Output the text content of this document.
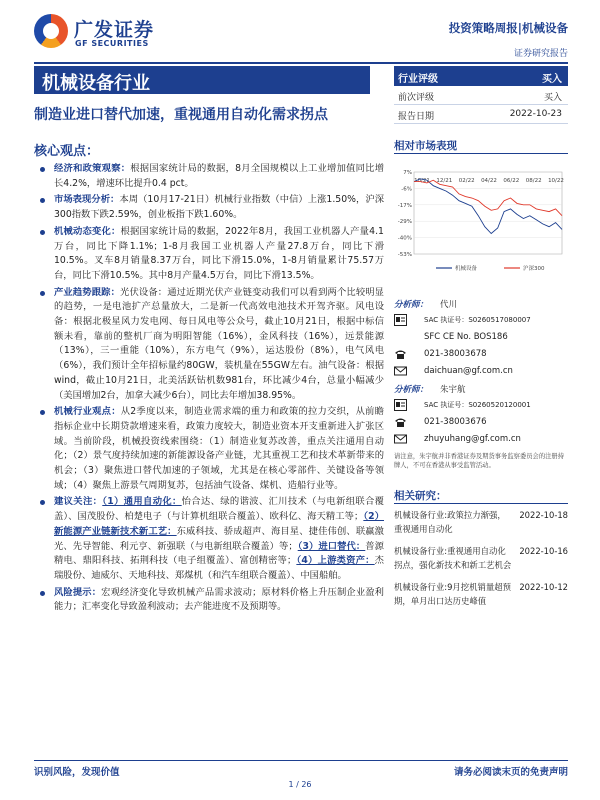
广发证券
GF SECURITIES
投资策略周报|机械设备
证券研究报告
机械设备行业
制造业进口替代加速，重视通用自动化需求拐点
核心观点：
经济和政策观察：根据国家统计局的数据，8月全国规模以上工业增加值同比增长4.2%，增速环比提升0.4 pct。
市场表现分析：本周（10月17-21日）机械行业指数（中信）上涨1.50%，沪深300指数下跌2.59%，创业板指下跌1.60%。
机械动态变化：根据国家统计局的数据，2022年8月，我国工业机器人产量4.1万台，同比下降1.1%；1-8月我国工业机器人产量27.8万台，同比下滑10.5%。叉车8月销量8.37万台，同比下滑15.0%，1-8月销量累计75.57万台，同比下滑10.5%。其中8月产量4.5万台，同比下滑13.5%。
产业趋势跟踪：光伏设备：通过近期光伏产业链变动我们可以看到两个比较明显的趋势，一是电池扩产总量放大，二是新一代高效电池技术开驾齐驱。风电设备：根据北极星风力发电网、每日风电等公众号，截止10月21日，根据中标信额未看，靠前的整机厂商为明阳智能（16%），金风科技（16%），远景能源（13%），三一重能（10%），东方电气（9%），运达股份（8%），电气风电（6%），我们预计全年招标量约80GW，装机量在55GW左右。油气设备：根据wind，截止10月21日，北美活跃钻机数981台，环比减少4台，总量小幅减少（美国增加2台，加拿大减少6台），同比去年增加38.95%。
机械行业观点：从2季度以来，制造业需求端的重力和政策的拉力交织，从前瞻指标企业中长期贷款增速来看，政策力度较大，制造业资本开支重新进入扩张区域。当前阶段，机械投资线索围绕：（1）制造业复苏改善，重点关注通用自动化；（2）景气度持续加速的新能源设备产业链，尤其重视工艺和技术革新带来的机会；（3）聚焦进口替代加速的子领域，尤其是在核心零部件、关键设备等领域；（4）聚焦上游景气周期复苏，包括油气设备、煤机、造船行业等。
建议关注：（1）通用自动化：怡合达、绿的谐波、汇川技术（与电新组联合覆盖）、国茂股份、柏楚电子（与计算机组联合覆盖）、欧科亿、海天精工等；（2）新能源产业链新技术新工艺：东威科技、骄成超声、海目星、捷佳伟创、联赢激光、先导智能、利元亨、新强联（与电新组联合覆盖）等；（3）进口替代：普源精电、鼎阳科技、拓荆科技（电子组覆盖）、富创精密等；（4）上游类资产：杰瑞股份、迪威尔、天地科技、郑煤机（和汽车组联合覆盖）、中国船舶。
风险提示：宏观经济变化导致机械产品需求波动；原材料价格上升压制企业盈利能力；汇率变化导致盈利波动；去产能进度不及预期等。
行业评级	买入
前次评级	买入
报告日期	2022-10-23
相对市场表现
7%
-6%
-17%
-29%
-40%
-53%
10/21 12/21 02/22 04/22 06/22 08/22 10/22
机械设备	沪深300
分析师： 代川
SAC 执证号：S0260517080007
SFC CE No. BOS186
021-38003678
daichuan@gf.com.cn
分析师： 朱宇航
SAC 执证号：S0260520120001
021-38003676
zhuyuhang@gf.com.cn
请注意，朱宇航并非香港证券及期货事务监察委员会的注册持牌人，不可在香港从事受监管活动。
相关研究：
机械设备行业:政策拉力渐强，重视通用自动化
2022-10-18
机械设备行业:重视通用自动化拐点，强化新技术和新工艺机会
2022-10-16
机械设备行业:9月挖机销量超预期，单月出口达历史峰值
2022-10-12
识别风险，发现价值	请务必阅读末页的免责声明
1 / 26
